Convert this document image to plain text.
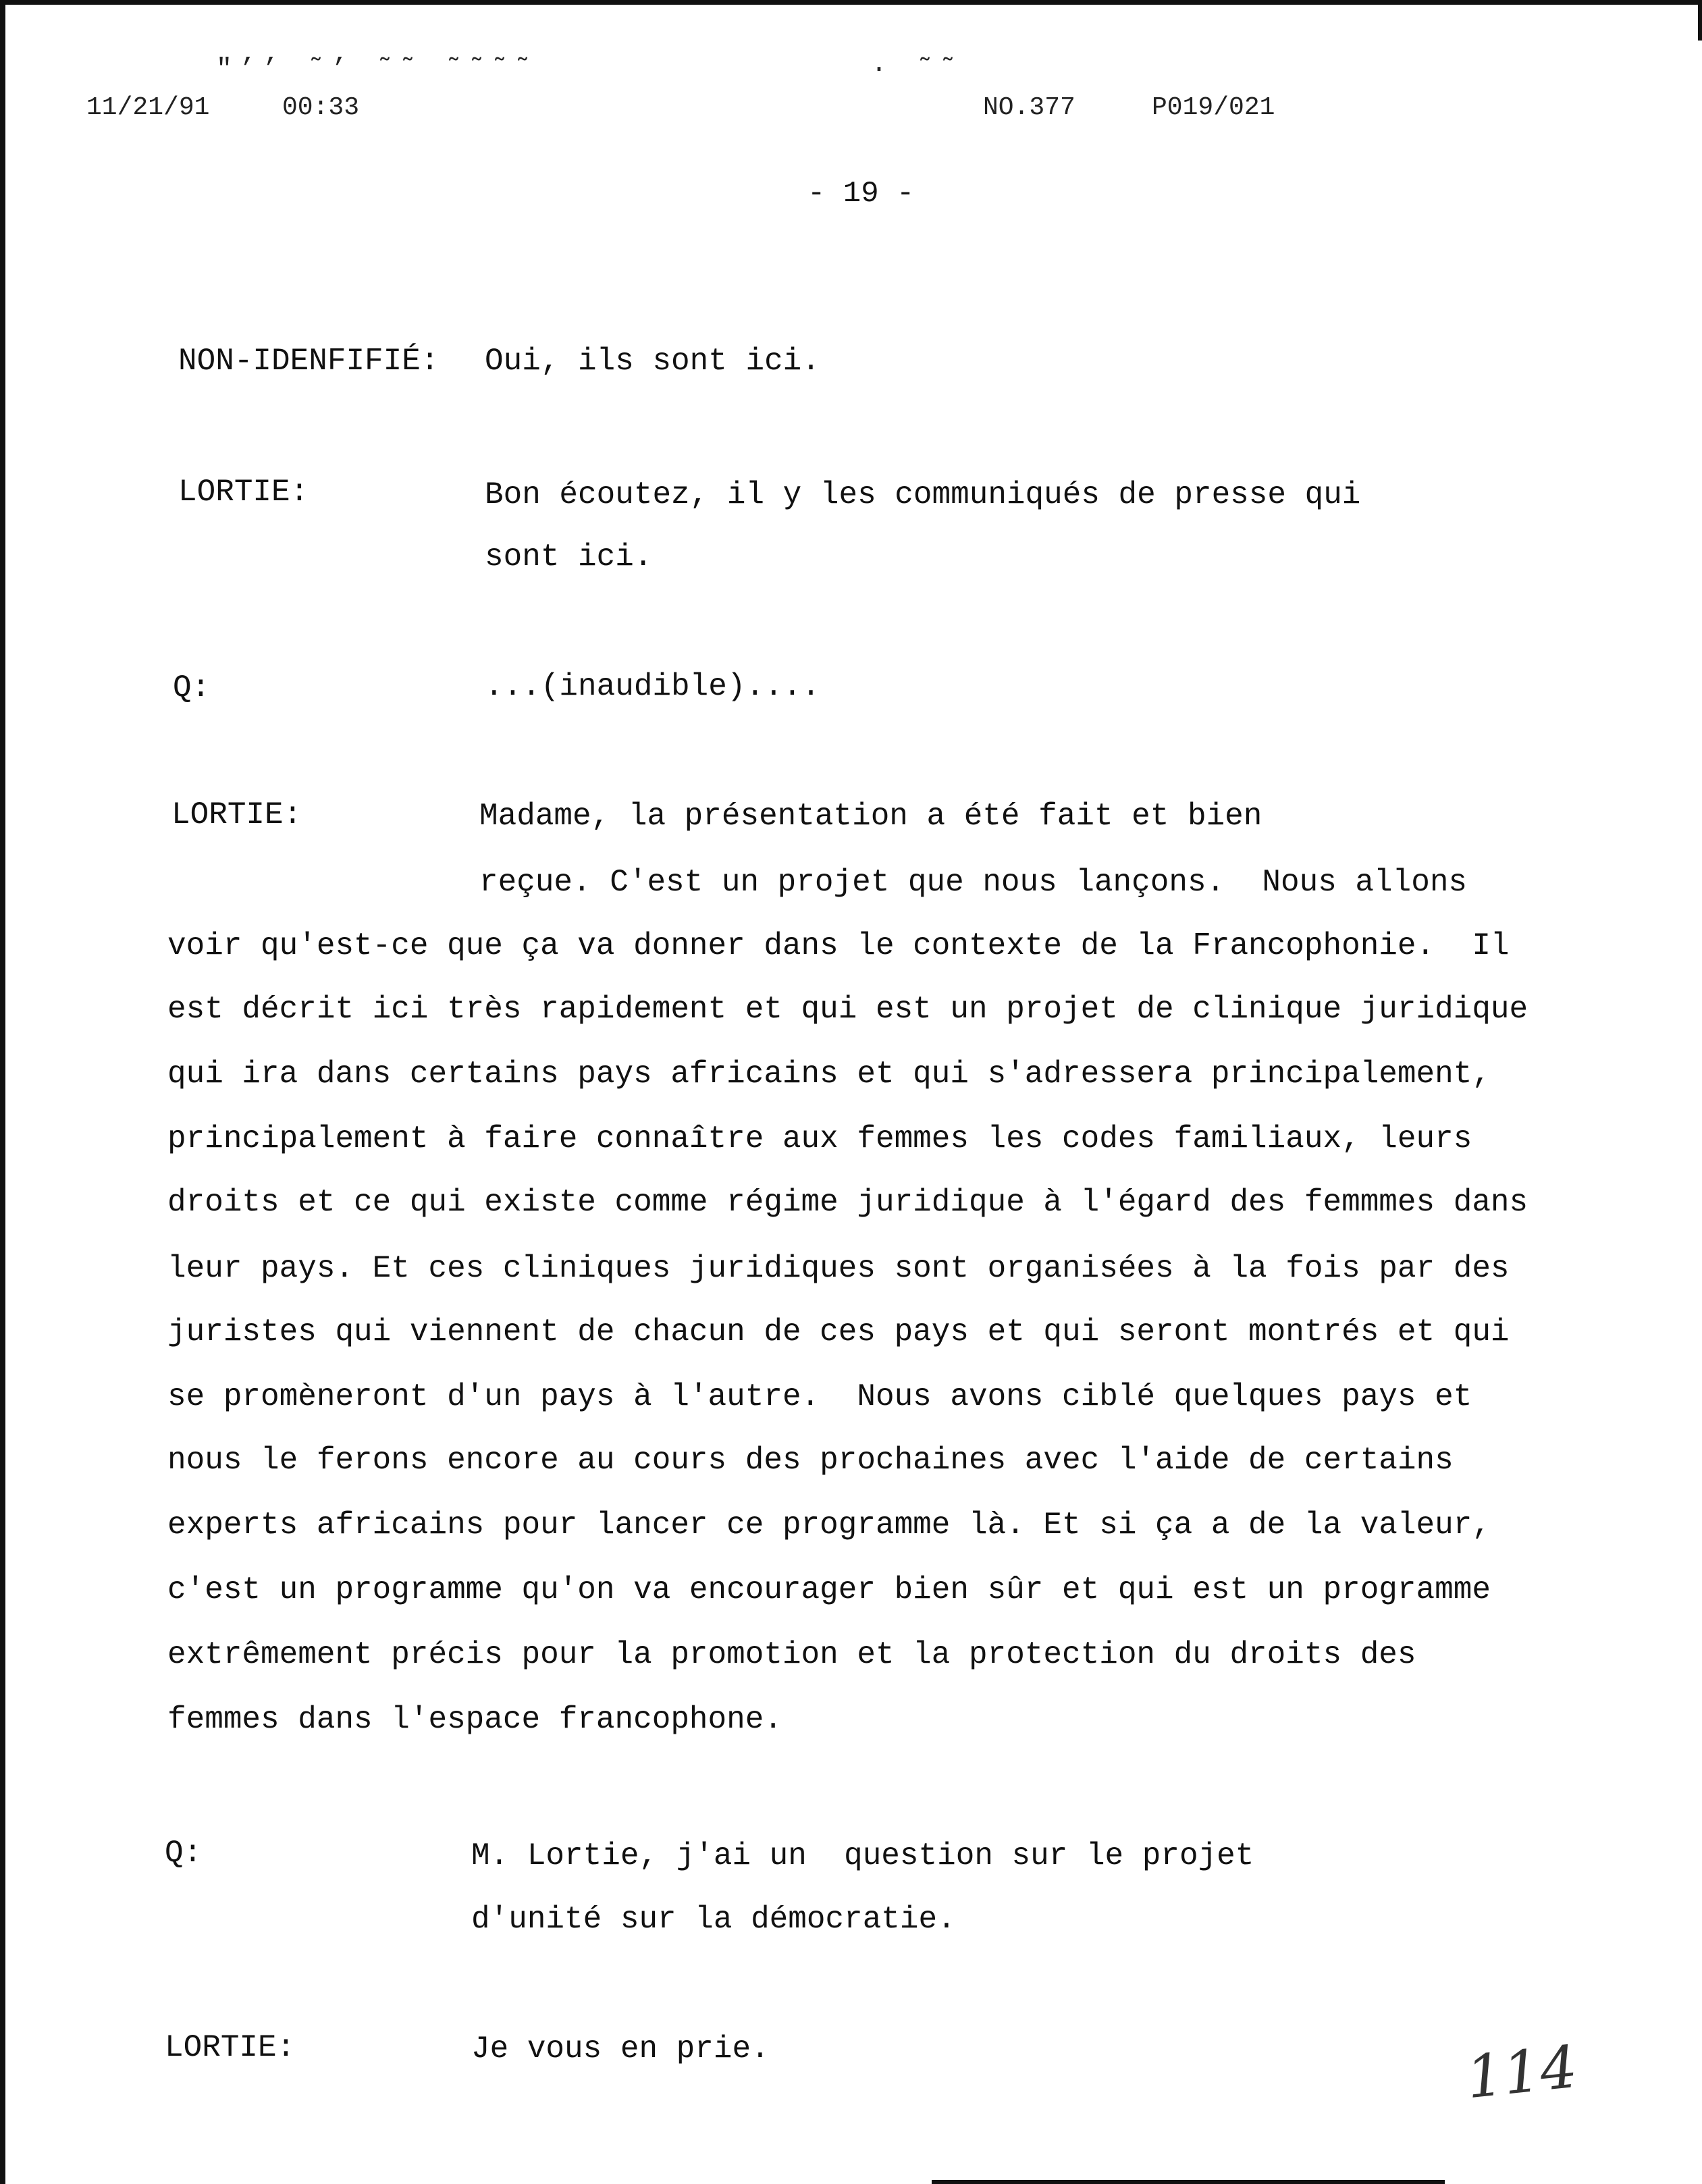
″’’ ˜’ ˜˜ ˜˜˜˜	· ˜˜
11/21/91	00:33	NO.377	P019/021
- 19 -
NON-IDENFIFIÉ: Oui, ils sont ici.
LORTIE:	Bon écoutez, il y les communiqués de presse qui
sont ici.
Q:	...(inaudible)....
LORTIE:	Madame, la présentation a été fait et bien
reçue. C'est un projet que nous lançons.  Nous allons
voir qu'est-ce que ça va donner dans le contexte de la Francophonie.  Il
est décrit ici très rapidement et qui est un projet de clinique juridique
qui ira dans certains pays africains et qui s'adressera principalement,
principalement à faire connaître aux femmes les codes familiaux, leurs
droits et ce qui existe comme régime juridique à l'égard des femmmes dans
leur pays. Et ces cliniques juridiques sont organisées à la fois par des
juristes qui viennent de chacun de ces pays et qui seront montrés et qui
se promèneront d'un pays à l'autre.  Nous avons ciblé quelques pays et
nous le ferons encore au cours des prochaines avec l'aide de certains
experts africains pour lancer ce programme là. Et si ça a de la valeur,
c'est un programme qu'on va encourager bien sûr et qui est un programme
extrêmement précis pour la promotion et la protection du droits des
femmes dans l'espace francophone.
Q:	M. Lortie, j'ai un  question sur le projet
d'unité sur la démocratie.
LORTIE:	Je vous en prie.	114
